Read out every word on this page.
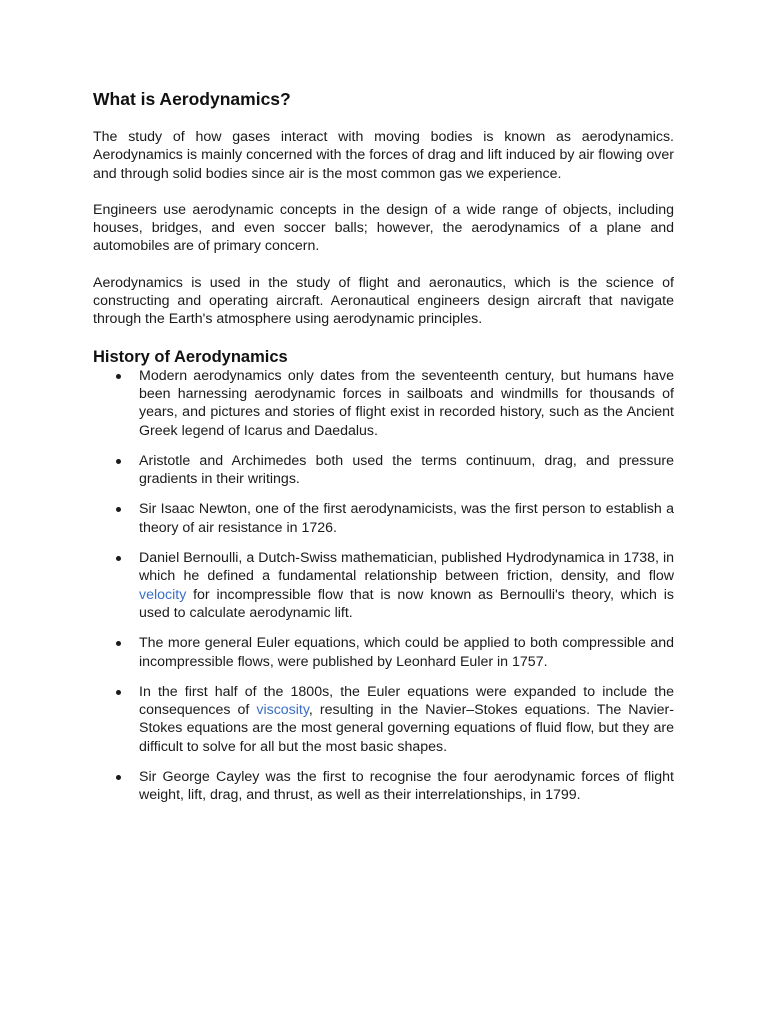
What is Aerodynamics?

The study of how gases interact with moving bodies is known as aerodynamics. Aerodynamics is mainly concerned with the forces of drag and lift induced by air flowing over and through solid bodies since air is the most common gas we experience.

Engineers use aerodynamic concepts in the design of a wide range of objects, including houses, bridges, and even soccer balls; however, the aerodynamics of a plane and automobiles are of primary concern.

Aerodynamics is used in the study of flight and aeronautics, which is the science of constructing and operating aircraft. Aeronautical engineers design aircraft that navigate through the Earth's atmosphere using aerodynamic principles.

History of Aerodynamics
Modern aerodynamics only dates from the seventeenth century, but humans have been harnessing aerodynamic forces in sailboats and windmills for thousands of years, and pictures and stories of flight exist in recorded history, such as the Ancient Greek legend of Icarus and Daedalus.
Aristotle and Archimedes both used the terms continuum, drag, and pressure gradients in their writings.
Sir Isaac Newton, one of the first aerodynamicists, was the first person to establish a theory of air resistance in 1726.
Daniel Bernoulli, a Dutch-Swiss mathematician, published Hydrodynamica in 1738, in which he defined a fundamental relationship between friction, density, and flow velocity for incompressible flow that is now known as Bernoulli's theory, which is used to calculate aerodynamic lift.
The more general Euler equations, which could be applied to both compressible and incompressible flows, were published by Leonhard Euler in 1757.
In the first half of the 1800s, the Euler equations were expanded to include the consequences of viscosity, resulting in the Navier–Stokes equations. The Navier-Stokes equations are the most general governing equations of fluid flow, but they are difficult to solve for all but the most basic shapes.
Sir George Cayley was the first to recognise the four aerodynamic forces of flight weight, lift, drag, and thrust, as well as their interrelationships, in 1799.
